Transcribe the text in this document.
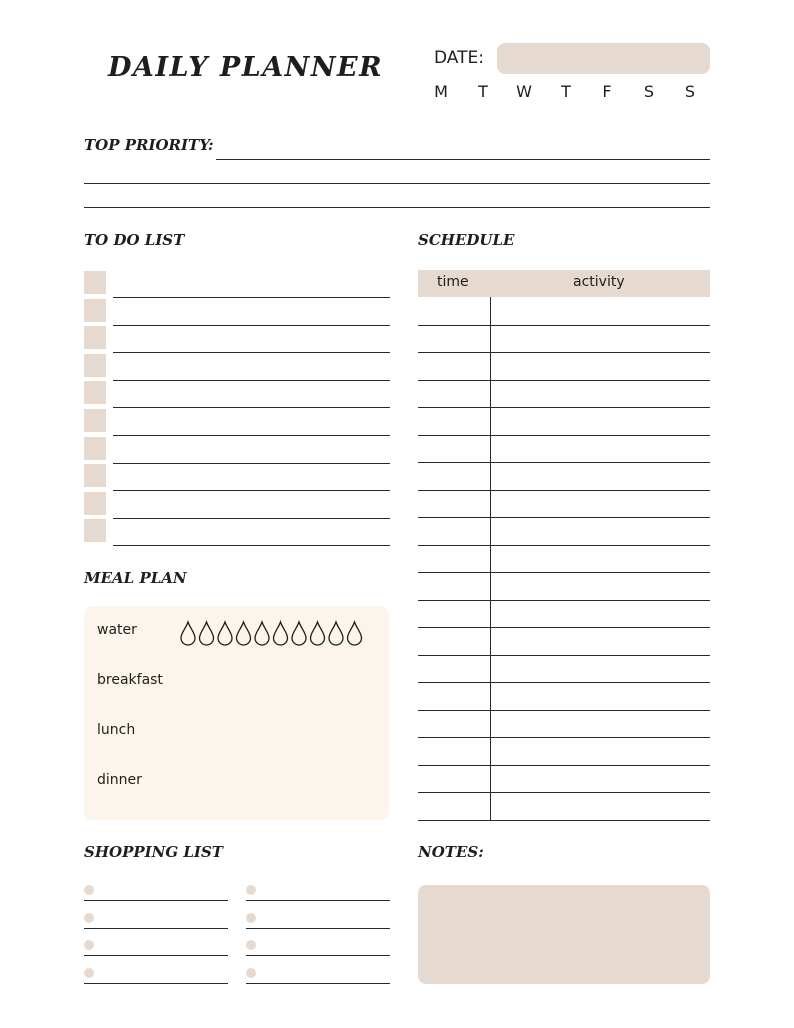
DAILY PLANNER	DATE:
M	T	W	T	F	S	S
TOP PRIORITY:
TO DO LIST	SCHEDULE
time	activity
MEAL PLAN
water
breakfast
lunch
dinner
SHOPPING LIST	NOTES:
